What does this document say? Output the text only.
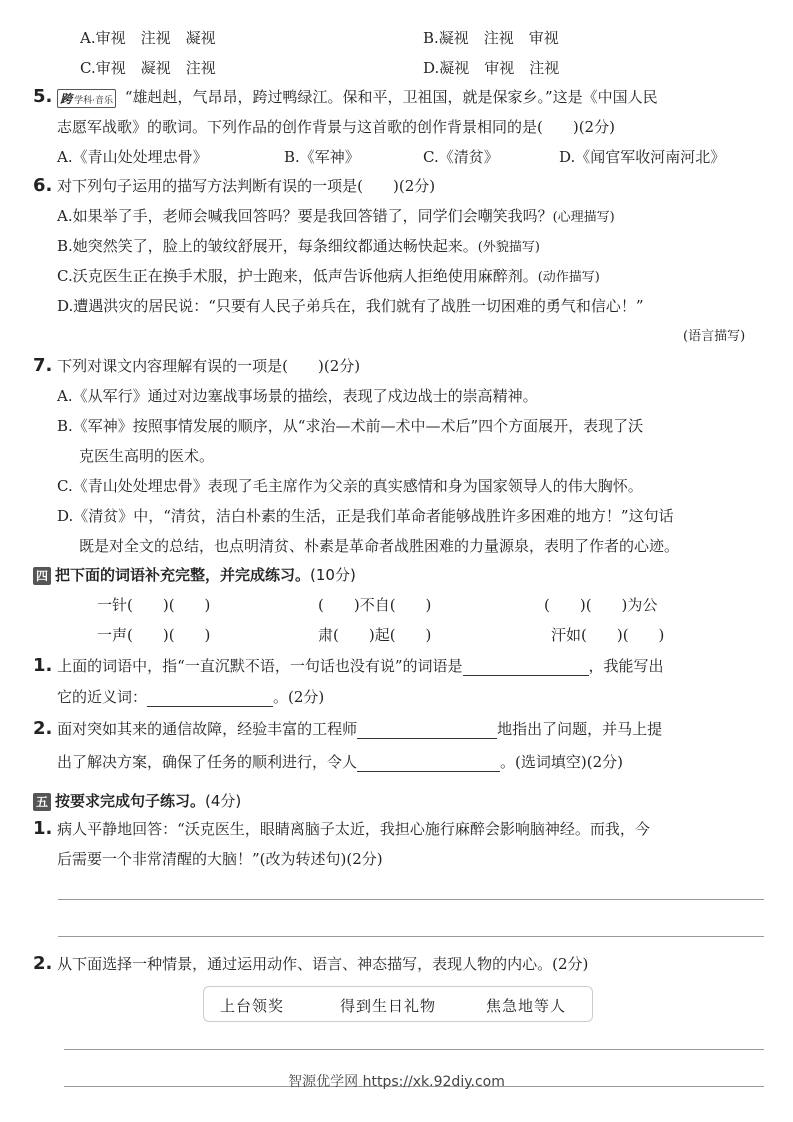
A.审视　注视　凝视	B.凝视　注视　审视
C.审视　凝视　注视	D.凝视　审视　注视
5. 跨 学科·音乐 “雄赳赳，气昂昂，跨过鸭绿江。保和平，卫祖国，就是保家乡。”这是《中国人民
志愿军战歌》的歌词。下列作品的创作背景与这首歌的创作背景相同的是(　　)(2分)
A.《青山处处埋忠骨》	B.《军神》	C.《清贫》	D.《闻官军收河南河北》
6. 对下列句子运用的描写方法判断有误的一项是(　　)(2分)
A.如果举了手，老师会喊我回答吗？要是我回答错了，同学们会嘲笑我吗？(心理描写)
B.她突然笑了，脸上的皱纹舒展开，每条细纹都通达畅快起来。(外貌描写)
C.沃克医生正在换手术服，护士跑来，低声告诉他病人拒绝使用麻醉剂。(动作描写)
D.遭遇洪灾的居民说：“只要有人民子弟兵在，我们就有了战胜一切困难的勇气和信心！”
(语言描写)
7. 下列对课文内容理解有误的一项是(　　)(2分)
A.《从军行》通过对边塞战事场景的描绘，表现了戍边战士的崇高精神。
B.《军神》按照事情发展的顺序，从“求治—术前—术中—术后”四个方面展开，表现了沃
克医生高明的医术。
C.《青山处处埋忠骨》表现了毛主席作为父亲的真实感情和身为国家领导人的伟大胸怀。
D.《清贫》中，“清贫，洁白朴素的生活，正是我们革命者能够战胜许多困难的地方！”这句话
既是对全文的总结，也点明清贫、朴素是革命者战胜困难的力量源泉，表明了作者的心迹。
四 把下面的词语补充完整，并完成练习。(10分)
一针(　　)(　　)	(　　)不自(　　)	(　　)(　　)为公
一声(　　)(　　)	肃(　　)起(　　)	汗如(　　)(　　)
1. 上面的词语中，指“一直沉默不语，一句话也没有说”的词语是	，我能写出
它的近义词：	。(2分)
2. 面对突如其来的通信故障，经验丰富的工程师	地指出了问题，并马上提
出了解决方案，确保了任务的顺利进行，令人	。(选词填空)(2分)
五 按要求完成句子练习。(4分)
1. 病人平静地回答：“沃克医生，眼睛离脑子太近，我担心施行麻醉会影响脑神经。而我，今
后需要一个非常清醒的大脑！”(改为转述句)(2分)
2. 从下面选择一种情景，通过运用动作、语言、神态描写，表现人物的内心。(2分)
上台领奖	得到生日礼物	焦急地等人
智源优学网 https://xk.92diy.com
